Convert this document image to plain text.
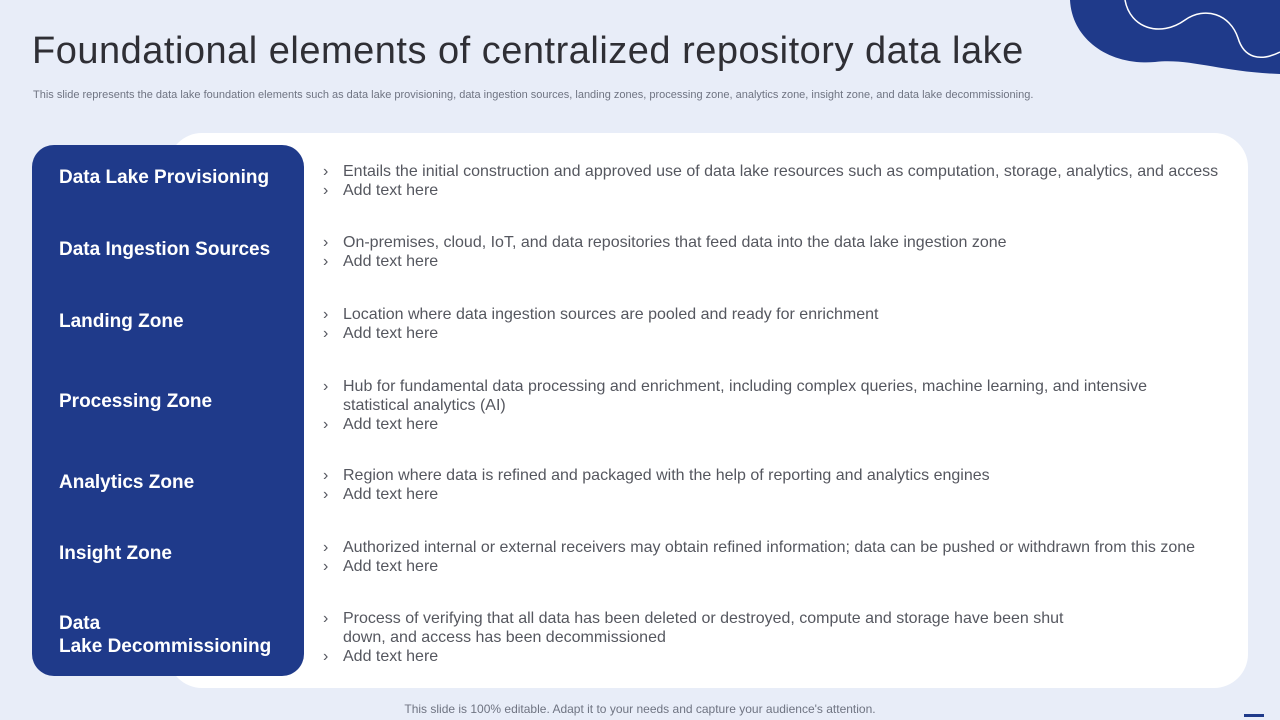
Foundational elements of centralized repository data lake

This slide represents the data lake foundation elements such as data lake provisioning, data ingestion sources, landing zones, processing zone, analytics zone, insight zone, and data lake decommissioning.

Data Lake Provisioning
Data Ingestion Sources
Landing Zone
Processing Zone
Analytics Zone
Insight Zone
Data
Lake Decommissioning
› Entails the initial construction and approved use of data lake resources such as computation, storage, analytics, and access
› Add text here
› On-premises, cloud, IoT, and data repositories that feed data into the data lake ingestion zone
› Add text here
› Location where data ingestion sources are pooled and ready for enrichment
› Add text here
› Hub for fundamental data processing and enrichment, including complex queries, machine learning, and intensive statistical analytics (AI)
› Add text here
› Region where data is refined and packaged with the help of reporting and analytics engines
› Add text here
› Authorized internal or external receivers may obtain refined information; data can be pushed or withdrawn from this zone
› Add text here
› Process of verifying that all data has been deleted or destroyed, compute and storage have been shut down, and access has been decommissioned
› Add text here
This slide is 100% editable. Adapt it to your needs and capture your audience's attention.
